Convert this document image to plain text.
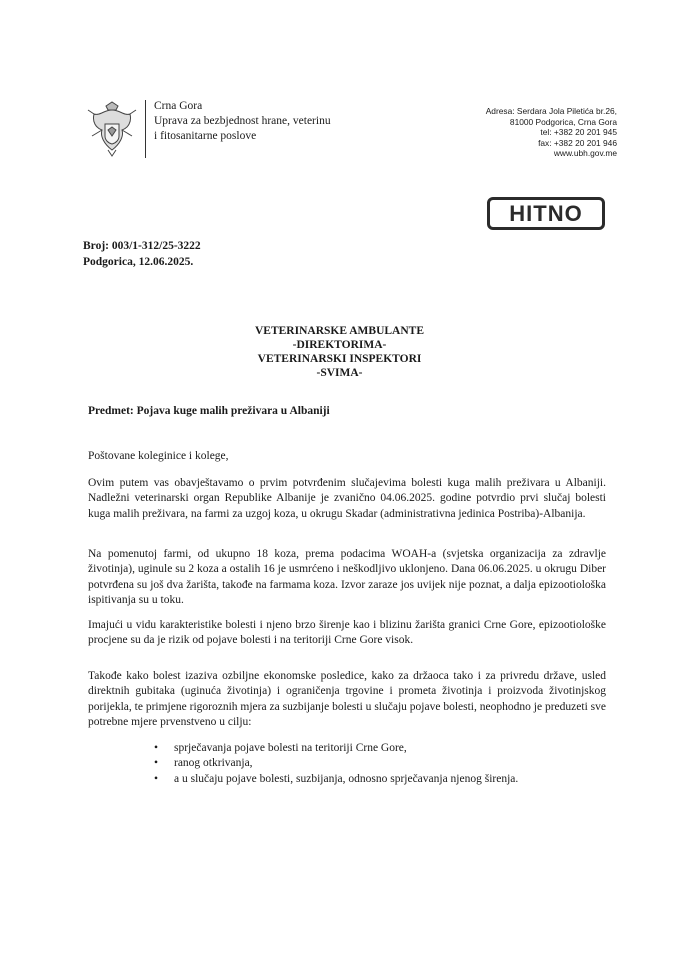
Crna Gora
Uprava za bezbjednost hrane, veterinu
i fitosanitarne poslove
Adresa: Serdara Jola Piletića br.26,
81000 Podgorica, Crna Gora
tel: +382 20 201 945
fax: +382 20 201 946
www.ubh.gov.me
HITNO
Broj: 003/1-312/25-3222
Podgorica, 12.06.2025.
VETERINARSKE AMBULANTE
-DIREKTORIMA-
VETERINARSKI INSPEKTORI
-SVIMA-
Predmet: Pojava kuge malih preživara u Albaniji
Poštovane koleginice i kolege,
Ovim putem vas obavještavamo o prvim potvrđenim slučajevima bolesti kuga malih preživara u Albaniji. Nadležni veterinarski organ Republike Albanije je zvanično 04.06.2025. godine potvrdio prvi slučaj bolesti kuga malih preživara, na farmi za uzgoj koza, u okrugu Skadar (administrativna jedinica Postriba)-Albanija.
Na pomenutoj farmi, od ukupno 18 koza, prema podacima WOAH-a (svjetska organizacija za zdravlje životinja), uginule su 2 koza a ostalih 16 je usmrćeno i neškodljivo uklonjeno. Dana 06.06.2025. u okrugu Diber potvrđena su još dva žarišta, takođe na farmama koza. Izvor zaraze jos uvijek nije poznat, a dalja epizootiološka ispitivanja su u toku.
Imajući u vidu karakteristike bolesti i njeno brzo širenje kao i blizinu žarišta granici Crne Gore, epizootiološke procjene su da je rizik od pojave bolesti i na teritoriji Crne Gore visok.
Takođe kako bolest izaziva ozbiljne ekonomske posledice, kako za držaoca tako i za privredu države, usled direktnih gubitaka (uginuća životinja) i ograničenja trgovine i prometa životinja i proizvoda životinjskog porijekla, te primjene rigoroznih mjera za suzbijanje bolesti u slučaju pojave bolesti, neophodno je preduzeti sve potrebne mjere prvenstveno u cilju:
• sprječavanja pojave bolesti na teritoriji Crne Gore,
• ranog otkrivanja,
• a u slučaju pojave bolesti, suzbijanja, odnosno sprječavanja njenog širenja.
